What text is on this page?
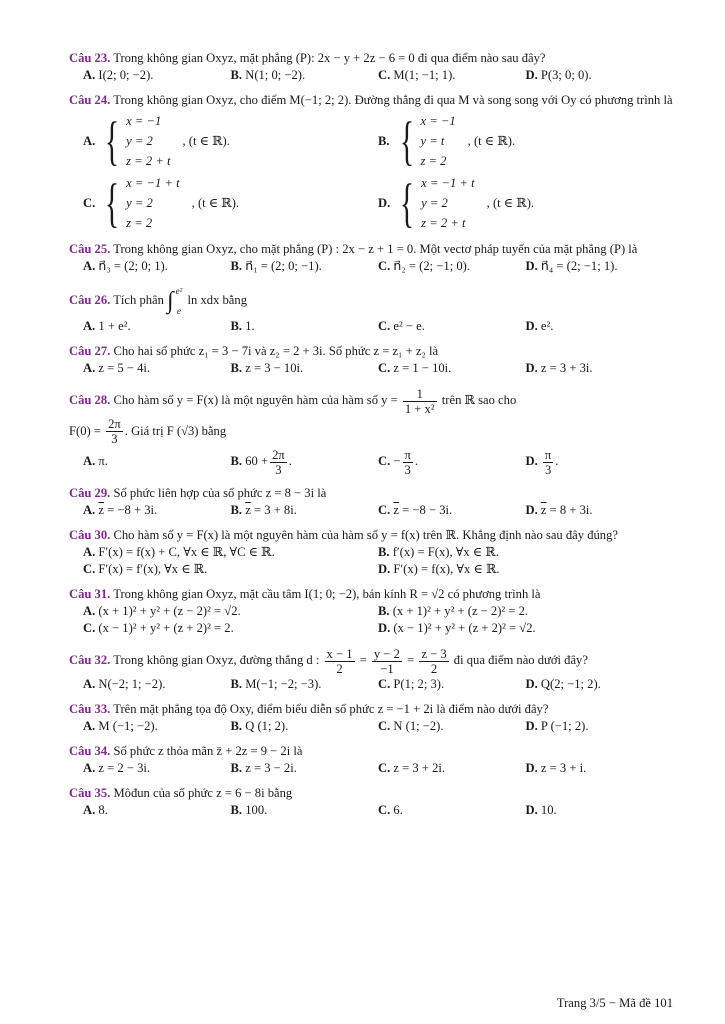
Câu 23. Trong không gian Oxyz, mặt phẳng (P): 2x − y + 2z − 6 = 0 đi qua điểm nào sau đây?
A. I(2; 0; −2).	B. N(1; 0; −2).	C. M(1; −1; 1).	D. P(3; 0; 0).
Câu 24. Trong không gian Oxyz, cho điểm M(−1; 2; 2). Đường thẳng đi qua M và song song với Oy có phương trình là
A. { x = −1
y = 2
z = 2 + t
, (t ∈ ℝ).	B. { x = −1
y = t
z = 2
, (t ∈ ℝ).
C. { x = −1 + t
y = 2
z = 2
, (t ∈ ℝ).	D. { x = −1 + t
y = 2
z = 2 + t
, (t ∈ ℝ).
Câu 25. Trong không gian Oxyz, cho mặt phẳng (P) : 2x − z + 1 = 0. Một vectơ pháp tuyến của mặt phẳng (P) là
A. n⃗₃ = (2; 0; 1).	B. n⃗₁ = (2; 0; −1).	C. n⃗₂ = (2; −1; 0).	D. n⃗₄ = (2; −1; 1).
Câu 26. Tích phân ∫ e²
e
ln xdx bằng
A. 1 + e².	B. 1.	C. e² − e.	D. e².
Câu 27. Cho hai số phức z₁ = 3 − 7i và z₂ = 2 + 3i. Số phức z = z₁ + z₂ là
A. z = 5 − 4i.	B. z = 3 − 10i.	C. z = 1 − 10i.	D. z = 3 + 3i.
Câu 28. Cho hàm số y = F(x) là một nguyên hàm của hàm số $y = \frac{1}{\text{1 + x²}}$ trên ℝ sao cho
$F(0) = \frac{2\pi}{3}$ . Giá trị F (√3) bằng
A. π.	B. $60 + \frac{2\pi}{3}$ .	C. − $\frac{\pi}{3}$ .	D. $\frac{\pi}{3}$ .
Câu 29. Số phức liên hợp của số phức z = 8 − 3i là
A. $\overline{z} = -8 + 3i$.	B. $\overline{z} = 3 + 8i$.	C. $\overline{z} = -8 - 3i$.	D. $\overline{z} = 8 + 3i$.
Câu 30. Cho hàm số y = F(x) là một nguyên hàm của hàm số y = f(x) trên ℝ. Khẳng định nào sau đây đúng?
A. F′(x) = f(x) + C, ∀x ∈ ℝ, ∀C ∈ ℝ.	B. f′(x) = F(x), ∀x ∈ ℝ.
C. F′(x) = f′(x), ∀x ∈ ℝ.	D. F′(x) = f(x), ∀x ∈ ℝ.
Câu 31. Trong không gian Oxyz, mặt cầu tâm I(1; 0; −2), bán kính R = √2 có phương trình là
A. (x + 1)² + y² + (z − 2)² = √2.	B. (x + 1)² + y² + (z − 2)² = 2.
C. (x − 1)² + y² + (z + 2)² = 2.	D. (x − 1)² + y² + (z + 2)² = √2.
Câu 32. Trong không gian Oxyz, đường thẳng d : $\frac{x - 1}{2} = \frac{y - 2}{-1} = \frac{z - 3}{2}$ đi qua điểm nào dưới đây?
A. N(−2; 1; −2).	B. M(−1; −2; −3).	C. P(1; 2; 3).	D. Q(2; −1; 2).
Câu 33. Trên mặt phẳng tọa độ Oxy, điểm biểu diễn số phức z = −1 + 2i là điểm nào dưới đây?
A. M (−1; −2).	B. Q (1; 2).	C. N (1; −2).	D. P (−1; 2).
Câu 34. Số phức z thỏa mãn z̄ + 2z = 9 − 2i là
A. z = 2 − 3i.	B. z = 3 − 2i.	C. z = 3 + 2i.	D. z = 3 + i.
Câu 35. Môđun của số phức z = 6 − 8i bằng
A. 8.	B. 100.	C. 6.	D. 10.
Trang 3/5 − Mã đề 101
